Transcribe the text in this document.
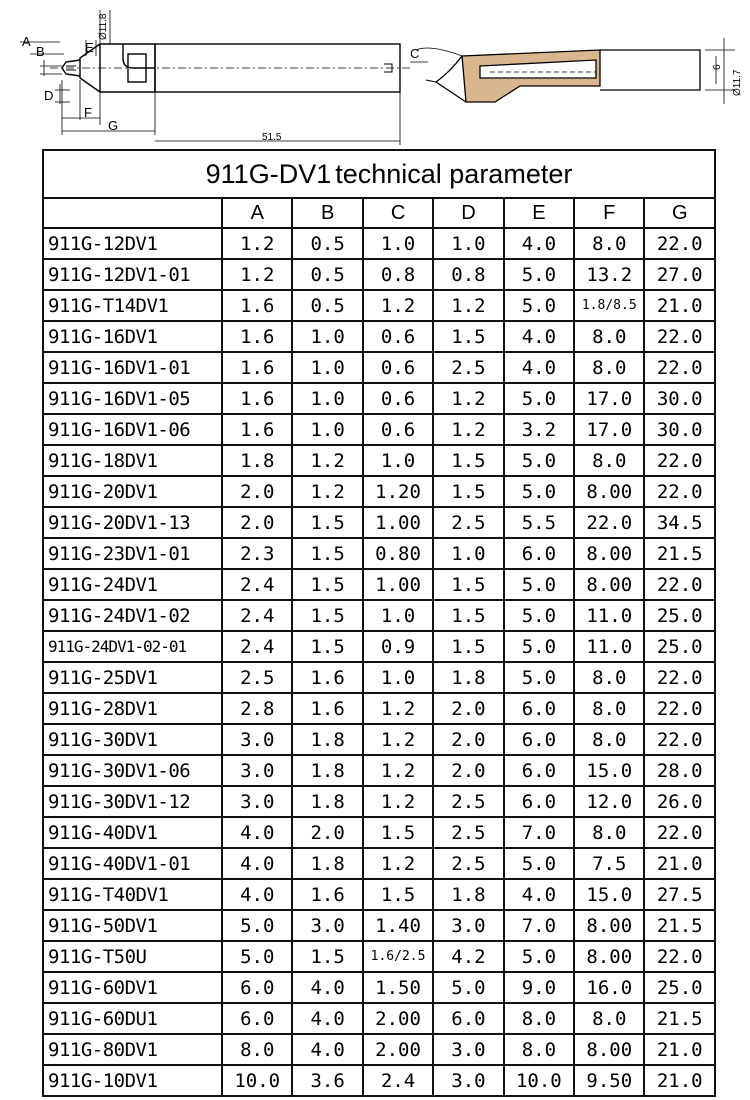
A
B
D
E
F
G
C
Ø11.8
51.5
Ø11.7
6
911G-DV1 technical parameter							
	A	B	C	D	E	F	G
911G-12DV1	1.2	0.5	1.0	1.0	4.0	8.0	22.0
911G-12DV1-01	1.2	0.5	0.8	0.8	5.0	13.2	27.0
911G-T14DV1	1.6	0.5	1.2	1.2	5.0	1.8/8.5	21.0
911G-16DV1	1.6	1.0	0.6	1.5	4.0	8.0	22.0
911G-16DV1-01	1.6	1.0	0.6	2.5	4.0	8.0	22.0
911G-16DV1-05	1.6	1.0	0.6	1.2	5.0	17.0	30.0
911G-16DV1-06	1.6	1.0	0.6	1.2	3.2	17.0	30.0
911G-18DV1	1.8	1.2	1.0	1.5	5.0	8.0	22.0
911G-20DV1	2.0	1.2	1.20	1.5	5.0	8.00	22.0
911G-20DV1-13	2.0	1.5	1.00	2.5	5.5	22.0	34.5
911G-23DV1-01	2.3	1.5	0.80	1.0	6.0	8.00	21.5
911G-24DV1	2.4	1.5	1.00	1.5	5.0	8.00	22.0
911G-24DV1-02	2.4	1.5	1.0	1.5	5.0	11.0	25.0
911G-24DV1-02-01	2.4	1.5	0.9	1.5	5.0	11.0	25.0
911G-25DV1	2.5	1.6	1.0	1.8	5.0	8.0	22.0
911G-28DV1	2.8	1.6	1.2	2.0	6.0	8.0	22.0
911G-30DV1	3.0	1.8	1.2	2.0	6.0	8.0	22.0
911G-30DV1-06	3.0	1.8	1.2	2.0	6.0	15.0	28.0
911G-30DV1-12	3.0	1.8	1.2	2.5	6.0	12.0	26.0
911G-40DV1	4.0	2.0	1.5	2.5	7.0	8.0	22.0
911G-40DV1-01	4.0	1.8	1.2	2.5	5.0	7.5	21.0
911G-T40DV1	4.0	1.6	1.5	1.8	4.0	15.0	27.5
911G-50DV1	5.0	3.0	1.40	3.0	7.0	8.00	21.5
911G-T50U	5.0	1.5	1.6/2.5	4.2	5.0	8.00	22.0
911G-60DV1	6.0	4.0	1.50	5.0	9.0	16.0	25.0
911G-60DU1	6.0	4.0	2.00	6.0	8.0	8.0	21.5
911G-80DV1	8.0	4.0	2.00	3.0	8.0	8.00	21.0
911G-10DV1	10.0	3.6	2.4	3.0	10.0	9.50	21.0
